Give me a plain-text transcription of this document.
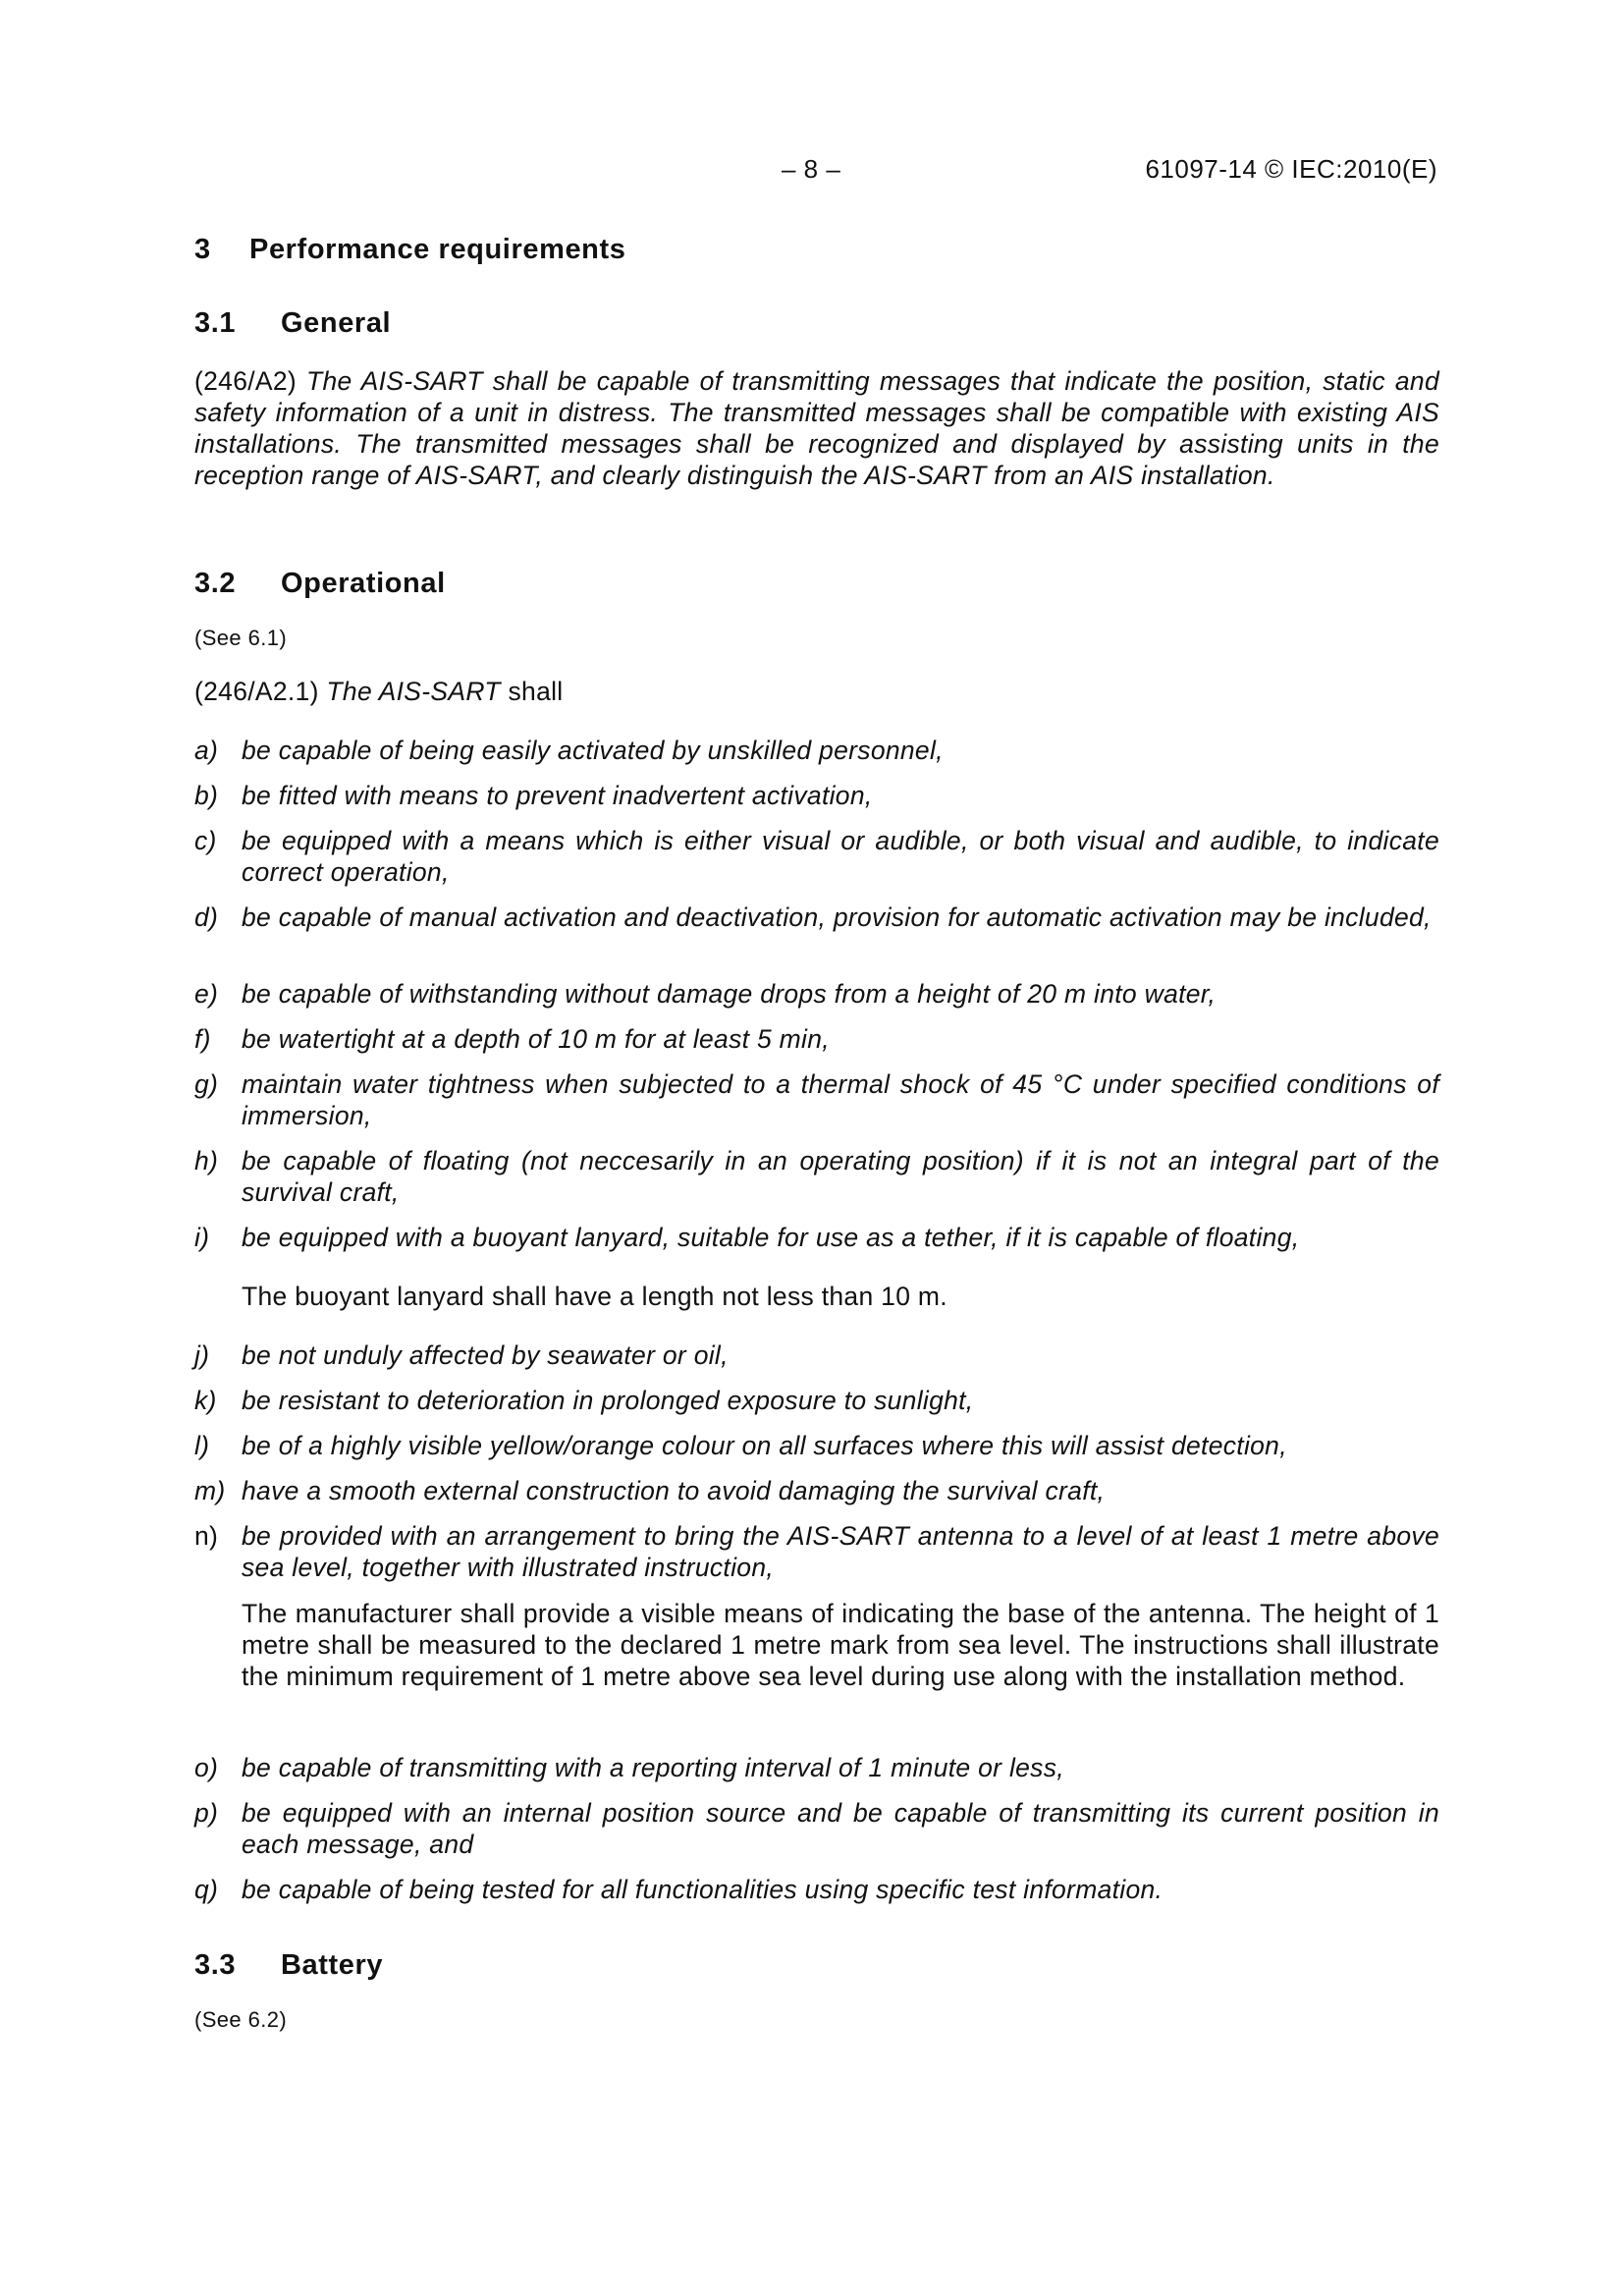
– 8 –	61097-14 © IEC:2010(E)
3 Performance requirements
3.1 General
(246/A2) The AIS-SART shall be capable of transmitting messages that indicate the position, static and safety information of a unit in distress. The transmitted messages shall be compatible with existing AIS installations. The transmitted messages shall be recognized and displayed by assisting units in the reception range of AIS-SART, and clearly distinguish the AIS-SART from an AIS installation.
3.2 Operational
(See 6.1)
(246/A2.1) The AIS-SART shall
a) be capable of being easily activated by unskilled personnel,
b) be fitted with means to prevent inadvertent activation,
c) be equipped with a means which is either visual or audible, or both visual and audible, to indicate correct operation,
d) be capable of manual activation and deactivation, provision for automatic activation may be included,
e) be capable of withstanding without damage drops from a height of 20 m into water,
f) be watertight at a depth of 10 m for at least 5 min,
g) maintain water tightness when subjected to a thermal shock of 45 °C under specified conditions of immersion,
h) be capable of floating (not neccesarily in an operating position) if it is not an integral part of the survival craft,
i) be equipped with a buoyant lanyard, suitable for use as a tether, if it is capable of floating,
The buoyant lanyard shall have a length not less than 10 m.
j) be not unduly affected by seawater or oil,
k) be resistant to deterioration in prolonged exposure to sunlight,
l) be of a highly visible yellow/orange colour on all surfaces where this will assist detection,
m) have a smooth external construction to avoid damaging the survival craft,
n) be provided with an arrangement to bring the AIS-SART antenna to a level of at least 1 metre above sea level, together with illustrated instruction,
The manufacturer shall provide a visible means of indicating the base of the antenna. The height of 1 metre shall be measured to the declared 1 metre mark from sea level. The instructions shall illustrate the minimum requirement of 1 metre above sea level during use along with the installation method.
o) be capable of transmitting with a reporting interval of 1 minute or less,
p) be equipped with an internal position source and be capable of transmitting its current position in each message, and
q) be capable of being tested for all functionalities using specific test information.
3.3 Battery
(See 6.2)
